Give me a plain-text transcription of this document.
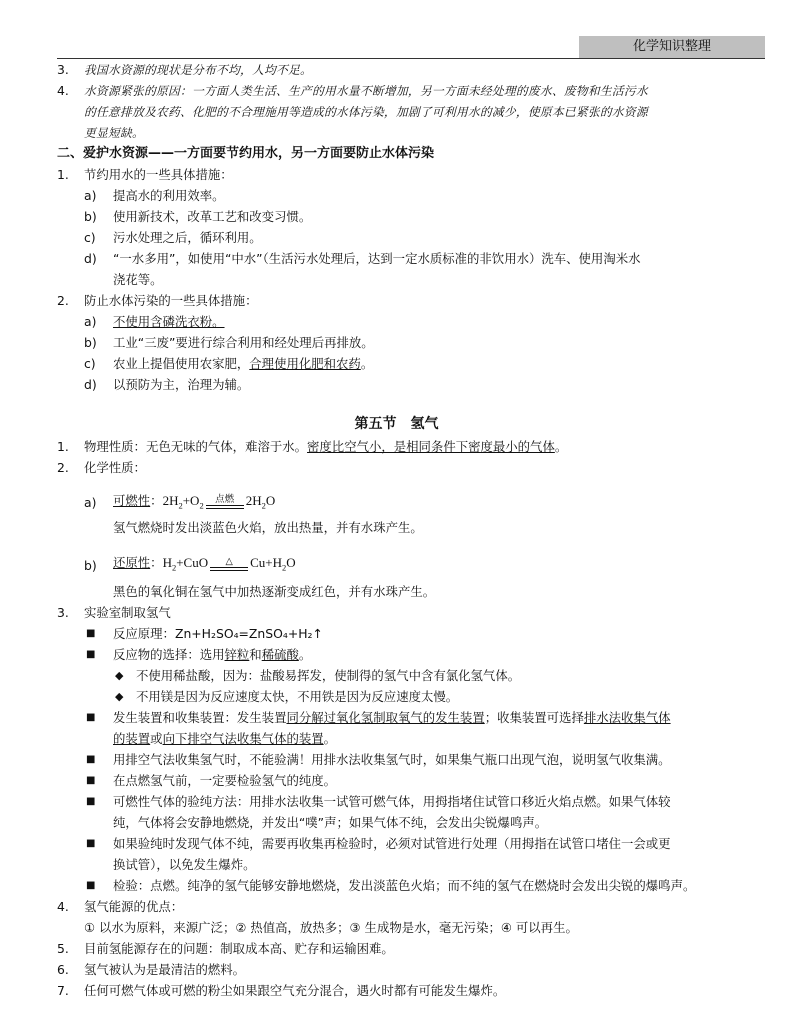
化学知识整理
3. 我国水资源的现状是分布不均，人均不足。
4. 水资源紧张的原因：一方面人类生活、生产的用水量不断增加，另一方面未经处理的废水、废物和生活污水
的任意排放及农药、化肥的不合理施用等造成的水体污染，加剧了可利用水的减少，使原本已紧张的水资源
更显短缺。
二、爱护水资源——一方面要节约用水，另一方面要防止水体污染
1. 节约用水的一些具体措施：
a) 提高水的利用效率。
b) 使用新技术，改革工艺和改变习惯。
c) 污水处理之后，循环利用。
d) “一水多用”，如使用“中水”（生活污水处理后，达到一定水质标准的非饮用水）洗车、使用淘米水
浇花等。
2. 防止水体污染的一些具体措施：
a) 不使用含磷洗衣粉。
b) 工业“三废”要进行综合利用和经处理后再排放。
c) 农业上提倡使用农家肥，合理使用化肥和农药。
d) 以预防为主，治理为辅。
第五节　氢气
1. 物理性质：无色无味的气体，难溶于水。密度比空气小，是相同条件下密度最小的气体。
2. 化学性质：
a) 可燃性：$2H_2+O_2$
点燃 $2H_2O$
氢气燃烧时发出淡蓝色火焰，放出热量，并有水珠产生。
b) 还原性：$H_2+CuO$	△	$Cu+H_2O$
黑色的氧化铜在氢气中加热逐渐变成红色，并有水珠产生。
3. 实验室制取氢气
■ 反应原理：Zn+H₂SO₄=ZnSO₄+H₂↑
■ 反应物的选择：选用锌粒和稀硫酸。
◆ 不使用稀盐酸，因为：盐酸易挥发，使制得的氢气中含有氯化氢气体。
◆ 不用镁是因为反应速度太快，不用铁是因为反应速度太慢。
■ 发生装置和收集装置：发生装置同分解过氧化氢制取氧气的发生装置；收集装置可选择排水法收集气体
的装置或向下排空气法收集气体的装置。
■ 用排空气法收集氢气时，不能验满！用排水法收集氢气时，如果集气瓶口出现气泡，说明氢气收集满。
■ 在点燃氢气前，一定要检验氢气的纯度。
■ 可燃性气体的验纯方法：用排水法收集一试管可燃气体，用拇指堵住试管口移近火焰点燃。如果气体较
纯，气体将会安静地燃烧，并发出“噗”声；如果气体不纯，会发出尖锐爆鸣声。
■ 如果验纯时发现气体不纯，需要再收集再检验时，必须对试管进行处理（用拇指在试管口堵住一会或更
换试管），以免发生爆炸。
■ 检验：点燃。纯净的氢气能够安静地燃烧，发出淡蓝色火焰；而不纯的氢气在燃烧时会发出尖锐的爆鸣声。
4. 氢气能源的优点：
① 以水为原料，来源广泛；② 热值高，放热多；③ 生成物是水，毫无污染；④ 可以再生。
5. 目前氢能源存在的问题：制取成本高、贮存和运输困难。
6. 氢气被认为是最清洁的燃料。
7. 任何可燃气体或可燃的粉尘如果跟空气充分混合，遇火时都有可能发生爆炸。
